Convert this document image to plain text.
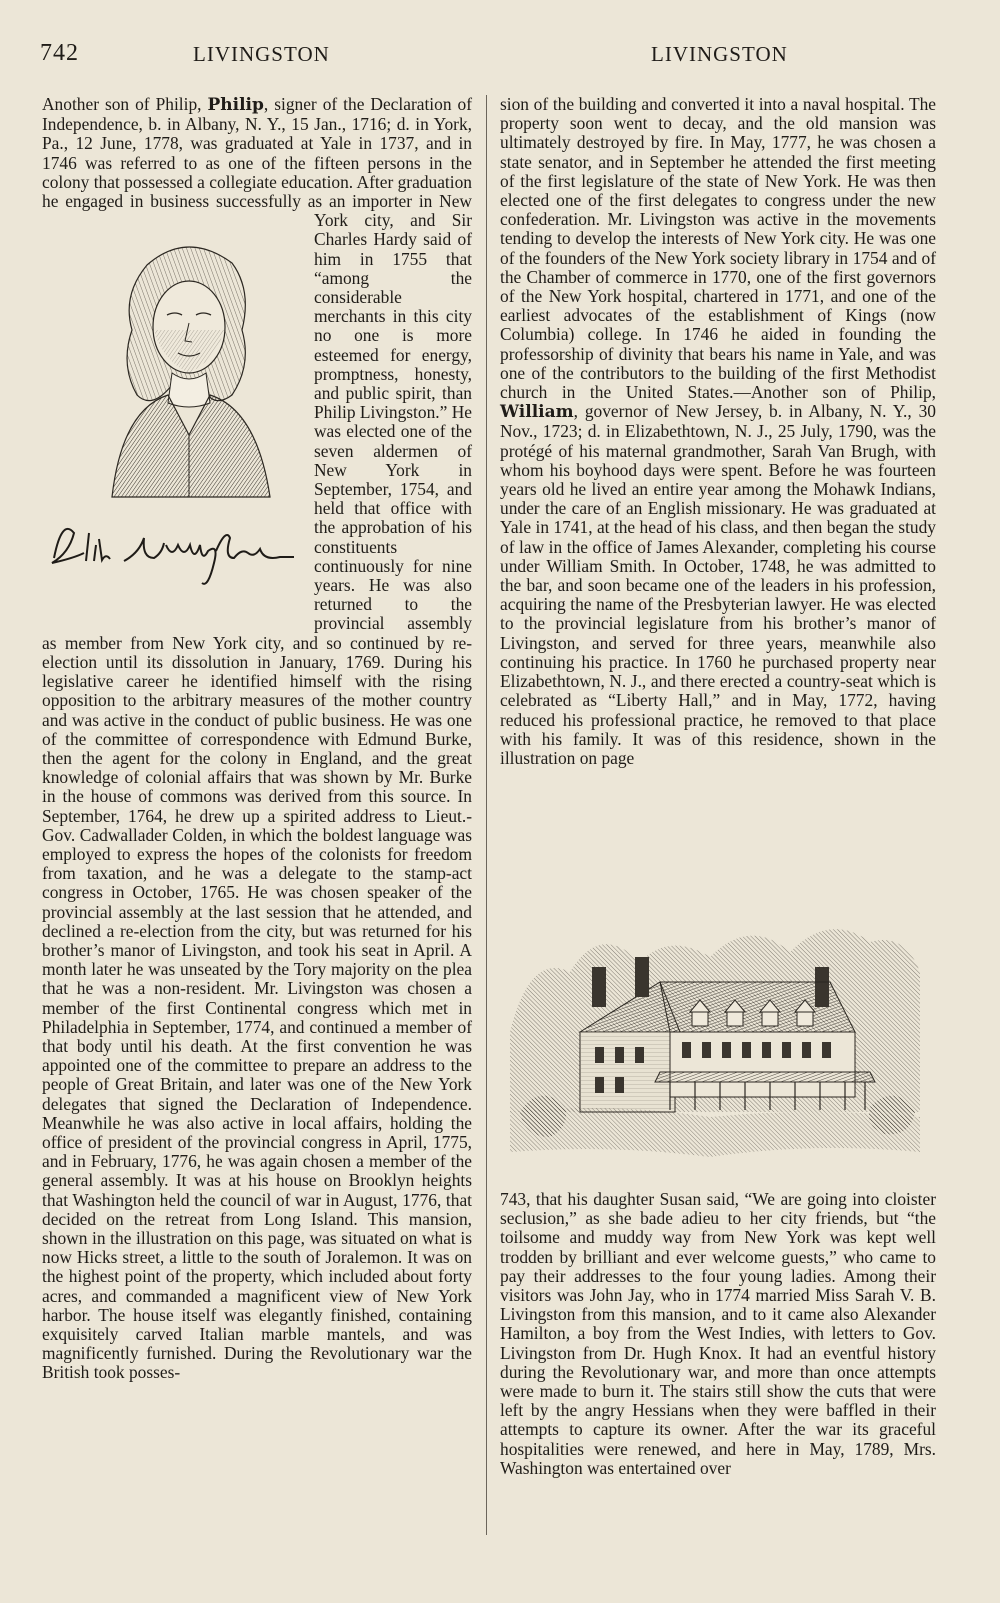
742	LIVINGSTON	LIVINGSTON

Another son of Philip, Philip, signer of the Declaration of Independence, b. in Albany, N. Y., 15 Jan., 1716; d. in York, Pa., 12 June, 1778, was graduated at Yale in 1737, and in 1746 was referred to as one of the fifteen persons in the colony that possessed a collegiate education. After graduation he engaged in business successfully as an importer in New York city, and Sir Charles Hardy said of him in 1755 that “among the considerable merchants in this city no one is more esteemed for energy, promptness, honesty, and public spirit, than Philip Livingston.” He was elected one of the seven aldermen of New York in September, 1754, and held that office with the approbation of his constituents continuously for nine years. He was also returned to the provincial assembly as member from New York city, and so continued by re-election until its dissolution in January, 1769. During his legislative career he identified himself with the rising opposition to the arbitrary measures of the mother country and was active in the conduct of public business. He was one of the committee of correspondence with Edmund Burke, then the agent for the colony in England, and the great knowledge of colonial affairs that was shown by Mr. Burke in the house of commons was derived from this source. In September, 1764, he drew up a spirited address to Lieut.-Gov. Cadwallader Colden, in which the boldest language was employed to express the hopes of the colonists for freedom from taxation, and he was a delegate to the stamp-act congress in October, 1765. He was chosen speaker of the provincial assembly at the last session that he attended, and declined a re-election from the city, but was returned for his brother’s manor of Livingston, and took his seat in April. A month later he was unseated by the Tory majority on the plea that he was a non-resident. Mr. Livingston was chosen a member of the first Continental congress which met in Philadelphia in September, 1774, and continued a member of that body until his death. At the first convention he was appointed one of the committee to prepare an address to the people of Great Britain, and later was one of the New York delegates that signed the Declaration of Independence. Meanwhile he was also active in local affairs, holding the office of president of the provincial congress in April, 1775, and in February, 1776, he was again chosen a member of the general assembly. It was at his house on Brooklyn heights that Washington held the council of war in August, 1776, that decided on the retreat from Long Island. This mansion, shown in the illustration on this page, was situated on what is now Hicks street, a little to the south of Joralemon. It was on the highest point of the property, which included about forty acres, and commanded a magnificent view of New York harbor. The house itself was elegantly finished, containing exquisitely carved Italian marble mantels, and was magnificently furnished. During the Revolutionary war the British took posses-

sion of the building and converted it into a naval hospital. The property soon went to decay, and the old mansion was ultimately destroyed by fire. In May, 1777, he was chosen a state senator, and in September he attended the first meeting of the first legislature of the state of New York. He was then elected one of the first delegates to congress under the new confederation. Mr. Livingston was active in the movements tending to develop the interests of New York city. He was one of the founders of the New York society library in 1754 and of the Chamber of commerce in 1770, one of the first governors of the New York hospital, chartered in 1771, and one of the earliest advocates of the establishment of Kings (now Columbia) college. In 1746 he aided in founding the professorship of divinity that bears his name in Yale, and was one of the contributors to the building of the first Methodist church in the United States.—Another son of Philip, William, governor of New Jersey, b. in Albany, N. Y., 30 Nov., 1723; d. in Elizabethtown, N. J., 25 July, 1790, was the protégé of his maternal grandmother, Sarah Van Brugh, with whom his boyhood days were spent. Before he was fourteen years old he lived an entire year among the Mohawk Indians, under the care of an English missionary. He was graduated at Yale in 1741, at the head of his class, and then began the study of law in the office of James Alexander, completing his course under William Smith. In October, 1748, he was admitted to the bar, and soon became one of the leaders in his profession, acquiring the name of the Presbyterian lawyer. He was elected to the provincial legislature from his brother’s manor of Livingston, and served for three years, meanwhile also continuing his practice. In 1760 he purchased property near Elizabethtown, N. J., and there erected a country-seat which is celebrated as “Liberty Hall,” and in May, 1772, having reduced his professional practice, he removed to that place with his family. It was of this residence, shown in the illustration on page

743, that his daughter Susan said, “We are going into cloister seclusion,” as she bade adieu to her city friends, but “the toilsome and muddy way from New York was kept well trodden by brilliant and ever welcome guests,” who came to pay their addresses to the four young ladies. Among their visitors was John Jay, who in 1774 married Miss Sarah V. B. Livingston from this mansion, and to it came also Alexander Hamilton, a boy from the West Indies, with letters to Gov. Livingston from Dr. Hugh Knox. It had an eventful history during the Revolutionary war, and more than once attempts were made to burn it. The stairs still show the cuts that were left by the angry Hessians when they were baffled in their attempts to capture its owner. After the war its graceful hospitalities were renewed, and here in May, 1789, Mrs. Washington was entertained over
